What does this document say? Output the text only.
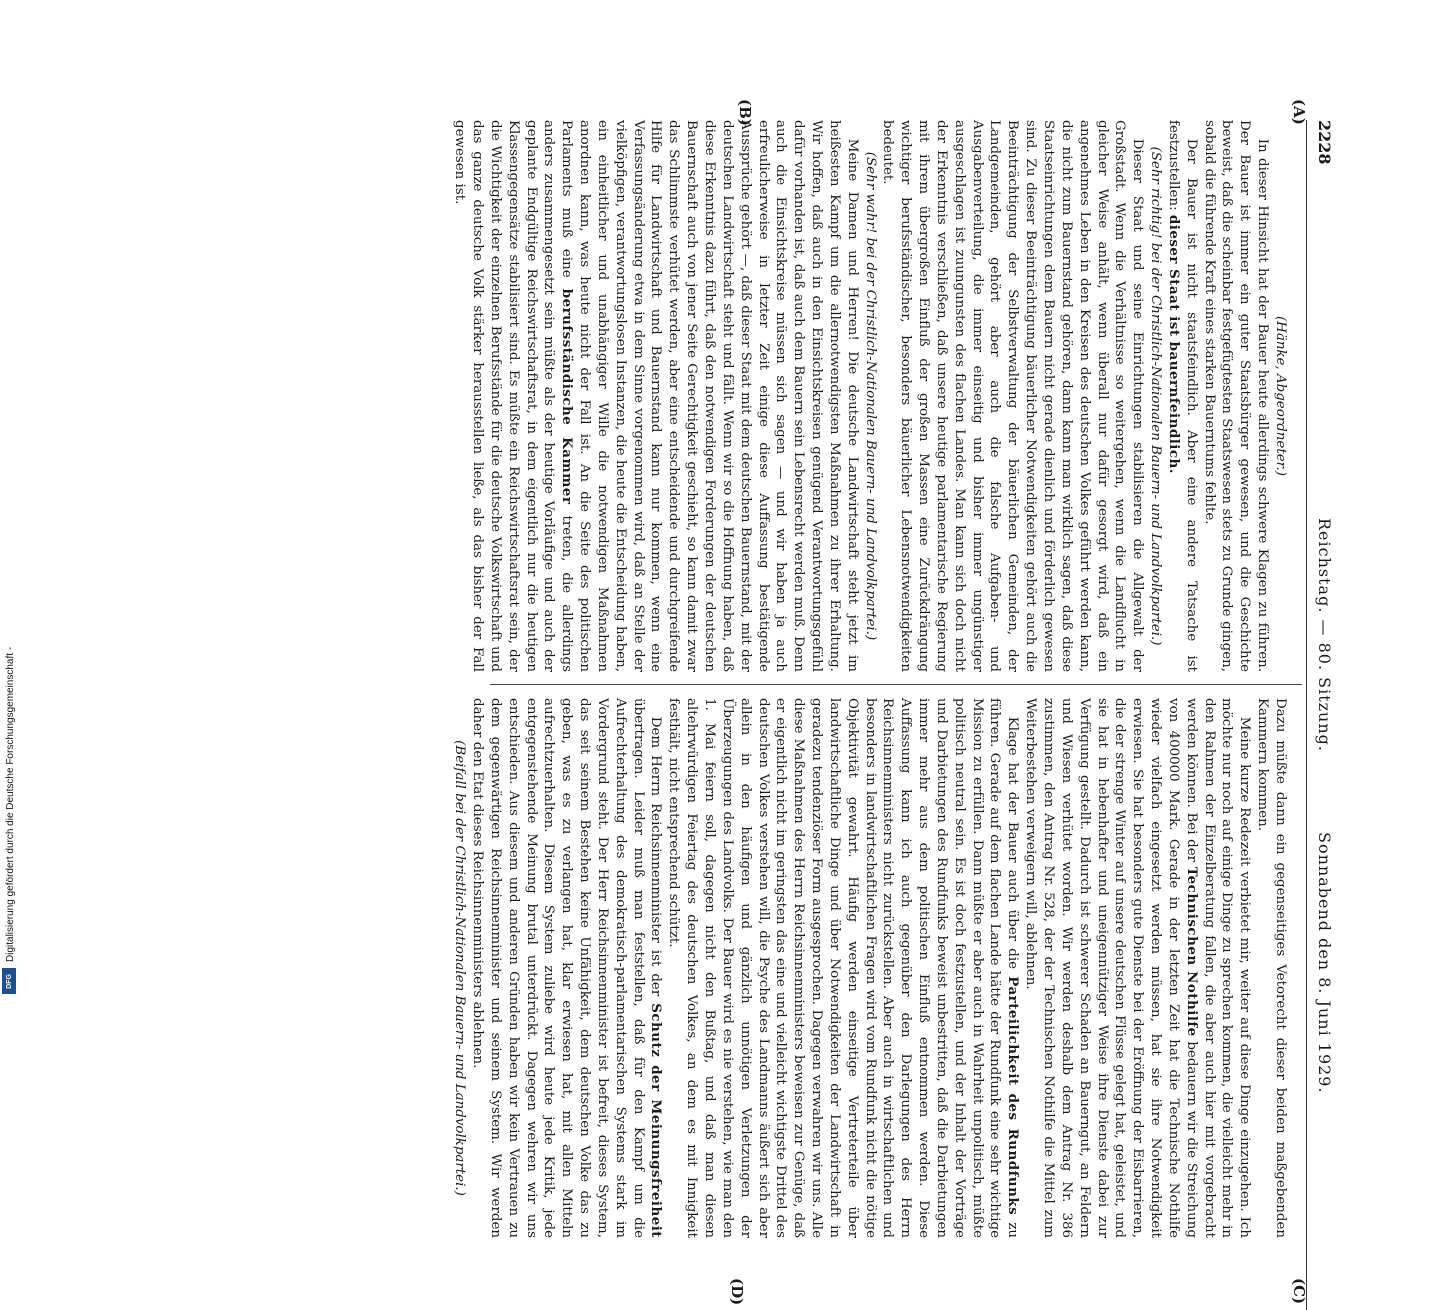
2228
Reichstag. — 80. Sitzung.
Sonnabend den 8. Juni 1929.
(A)
(B)
(C)
(D)

(Hänke, Abgeordneter.)

In dieser Hinsicht hat der Bauer heute allerdings schwere Klagen zu führen. Der Bauer ist immer ein guter Staatsbürger gewesen, und die Geschichte beweist, daß die scheinbar festgefügtesten Staatswesen stets zu Grunde gingen, sobald die führende Kraft eines starken Bauerntums fehlte.

Der Bauer ist nicht staatsfeindlich. Aber eine andere Tatsache ist festzustellen: dieser Staat ist bauernfeindlich.

(Sehr richtig! bei der Christlich-Nationalen Bauern- und Landvolkpartei.)

Dieser Staat und seine Einrichtungen stabilisieren die Allgewalt der Großstadt. Wenn die Verhältnisse so weitergehen, wenn die Landflucht in gleicher Weise anhält, wenn überall nur dafür gesorgt wird, daß ein angenehmes Leben in den Kreisen des deutschen Volkes geführt werden kann, die nicht zum Bauernstand gehören, dann kann man wirklich sagen, daß diese Staatseinrichtungen dem Bauern nicht gerade dienlich und förderlich gewesen sind. Zu dieser Beeinträchtigung bäuerlicher Notwendigkeiten gehört auch die Beeinträchtigung der Selbstverwaltung der bäuerlichen Gemeinden, der Landgemeinden, gehört aber auch die falsche Aufgaben- und Ausgabenverteilung, die immer einseitig und bisher immer ungünstiger ausgeschlagen ist zuungunsten des flachen Landes. Man kann sich doch nicht der Erkenntnis verschließen, daß unsere heutige parlamentarische Regierung mit ihrem übergroßen Einfluß der großen Massen eine Zurückdrängung wichtiger berufsständischer, besonders bäuerlicher Lebensnotwendigkeiten bedeutet.

(Sehr wahr! bei der Christlich-Nationalen Bauern- und Landvolkpartei.)

Meine Damen und Herren! Die deutsche Landwirtschaft steht jetzt im heißesten Kampf um die allernotwendigsten Maßnahmen zu ihrer Erhaltung. Wir hoffen, daß auch in den Einsichtskreisen genügend Verantwortungsgefühl dafür vorhanden ist, daß auch dem Bauern sein Lebensrecht werden muß. Denn auch die Einsichtskreise müssen sich sagen — und wir haben ja auch erfreulicherweise in letzter Zeit einige diese Auffassung bestätigende Aussprüche gehört —, daß dieser Staat mit dem deutschen Bauernstand, mit der deutschen Landwirtschaft steht und fällt. Wenn wir so die Hoffnung haben, daß diese Erkenntnis dazu führt, daß den notwendigen Forderungen der deutschen Bauernschaft auch von jener Seite Gerechtigkeit geschieht, so kann damit zwar das Schlimmste verhütet werden, aber eine entscheidende und durchgreifende Hilfe für Landwirtschaft und Bauernstand kann nur kommen, wenn eine Verfassungsänderung etwa in dem Sinne vorgenommen wird, daß an Stelle der vielköpfigen, verantwortungslosen Instanzen, die heute die Entscheidung haben, ein einheitlicher und unabhängiger Wille die notwendigen Maßnahmen anordnen kann, was heute nicht der Fall ist. An die Seite des politischen Parlaments muß eine berufsständische Kammer treten, die allerdings anders zusammengesetzt sein müßte als der heutige Vorläufige und auch der geplante Endgültige Reichswirtschaftsrat, in dem eigentlich nur die heutigen Klassengegensätze stabilisiert sind. Es müßte ein Reichswirtschaftsrat sein, der die Wichtigkeit der einzelnen Berufsstände für die deutsche Volkswirtschaft und das ganze deutsche Volk stärker herausstellen ließe, als das bisher der Fall gewesen ist.

Dazu müßte dann ein gegenseitiges Vetorecht dieser beiden maßgebenden Kammern kommen.

Meine kurze Redezeit verbietet mir, weiter auf diese Dinge einzugehen. Ich möchte nur noch auf einige Dinge zu sprechen kommen, die vielleicht mehr in den Rahmen der Einzelberatung fallen, die aber auch hier mit vorgebracht werden können. Bei der Technischen Nothilfe bedauern wir die Streichung von 400000 Mark. Gerade in der letzten Zeit hat die Technische Nothilfe wieder vielfach eingesetzt werden müssen, hat sie ihre Notwendigkeit erwiesen. Sie hat besonders gute Dienste bei der Eröffnung der Eisbarrieren, die der strenge Winter auf unsere deutschen Flüsse gelegt hat, geleistet, und sie hat in hebenhafter und uneigennütziger Weise ihre Dienste dabei zur Verfügung gestellt. Dadurch ist schwerer Schaden an Bauerngut, an Feldern und Wiesen verhütet worden. Wir werden deshalb dem Antrag Nr. 386 zustimmen, den Antrag Nr. 528, der der Technischen Nothilfe die Mittel zum Weiterbestehen verweigern will, ablehnen.

Klage hat der Bauer auch über die Parteilichkeit des Rundfunks zu führen. Gerade auf dem flachen Lande hätte der Rundfunk eine sehr wichtige Mission zu erfüllen. Dann müßte er aber auch in Wahrheit unpolitisch, müßte politisch neutral sein. Es ist doch festzustellen, und der Inhalt der Vorträge und Darbietungen des Rundfunks beweist unbestritten, daß die Darbietungen immer mehr aus dem politischen Einfluß entnommen werden. Diese Auffassung kann ich auch gegenüber den Darlegungen des Herrn Reichsinnenministers nicht zurückstellen. Aber auch in wirtschaftlichen und besonders in landwirtschaftlichen Fragen wird vom Rundfunk nicht die nötige Objektivität gewahrt. Häufig werden einseitige Vertreterteile über landwirtschaftliche Dinge und über Notwendigkeiten der Landwirtschaft in geradezu tendenziöser Form ausgesprochen. Dagegen verwahren wir uns. Alle diese Maßnahmen des Herrn Reichsinnenministers beweisen zur Genüge, daß er eigentlich nicht im geringsten das eine und vielleicht wichtigste Drittel des deutschen Volkes verstehen will, die Psyche des Landmanns äußert sich aber allein in den häufigen und gänzlich unnötigen Verletzungen der Überzeugungen des Landvolks. Der Bauer wird es nie verstehen, wie man den 1. Mai feiern soll, dagegen nicht den Bußtag, und daß man diesen altehrwürdigen Feiertag des deutschen Volkes, an dem es mit Innigkeit festhält, nicht entsprechend schützt.

Dem Herrn Reichsinnenminister ist der Schutz der Meinungsfreiheit übertragen. Leider muß man feststellen, daß für den Kampf um die Aufrechterhaltung des demokratisch-parlamentarischen Systems stark im Vordergrund steht. Der Herr Reichsinnenminister ist befreit, dieses System, das seit seinem Bestehen keine Unfähigkeit, dem deutschen Volke das zu geben, was es zu verlangen hat, klar erwiesen hat, mit allen Mitteln aufrechtzuerhalten. Diesem System zuliebe wird heute jede Kritik, jede entgegenstehende Meinung brutal unterdrückt. Dagegen wehren wir uns entschieden. Aus diesem und anderen Gründen haben wir kein Vertrauen zu dem gegenwärtigen Reichsinnenminister und seinem System. Wir werden daher den Etat dieses Reichsinnenministers ablehnen.

(Beifall bei der Christlich-Nationalen Bauern- und Landvolkpartei.)

Digitalisierung gefördert durch die Deutsche Forschungsgemeinschaft -
DFG
